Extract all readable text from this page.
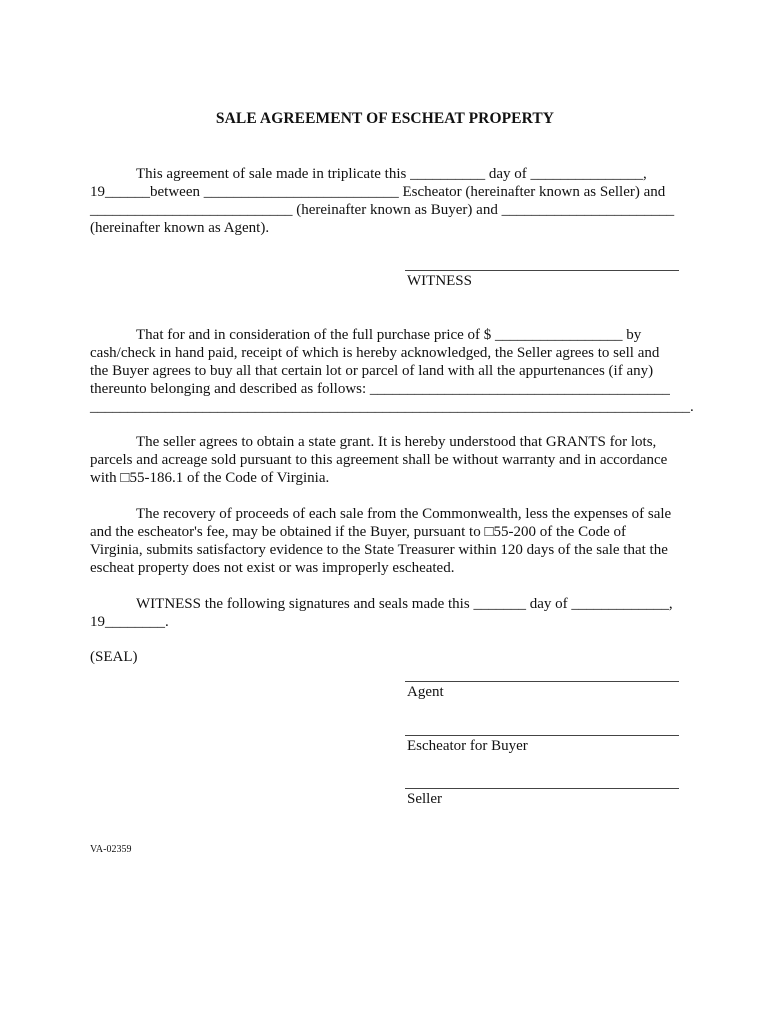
SALE AGREEMENT OF ESCHEAT PROPERTY
This agreement of sale made in triplicate this __________ day of _______________,
19______between __________________________ Escheator (hereinafter known as Seller) and
___________________________ (hereinafter known as Buyer) and _______________________
(hereinafter known as Agent).
WITNESS
That for and in consideration of the full purchase price of $ _________________ by
cash/check in hand paid, receipt of which is hereby acknowledged, the Seller agrees to sell and
the Buyer agrees to buy all that certain lot or parcel of land with all the appurtenances (if any)
thereunto belonging and described as follows: ________________________________________
________________________________________________________________________________.
The seller agrees to obtain a state grant. It is hereby understood that GRANTS for lots,
parcels and acreage sold pursuant to this agreement shall be without warranty and in accordance
with □55-186.1 of the Code of Virginia.
The recovery of proceeds of each sale from the Commonwealth, less the expenses of sale
and the escheator's fee, may be obtained if the Buyer, pursuant to □55-200 of the Code of
Virginia, submits satisfactory evidence to the State Treasurer within 120 days of the sale that the
escheat property does not exist or was improperly escheated.
WITNESS the following signatures and seals made this _______ day of _____________,
19________.
(SEAL)
Agent
Escheator for Buyer
Seller
VA-02359
